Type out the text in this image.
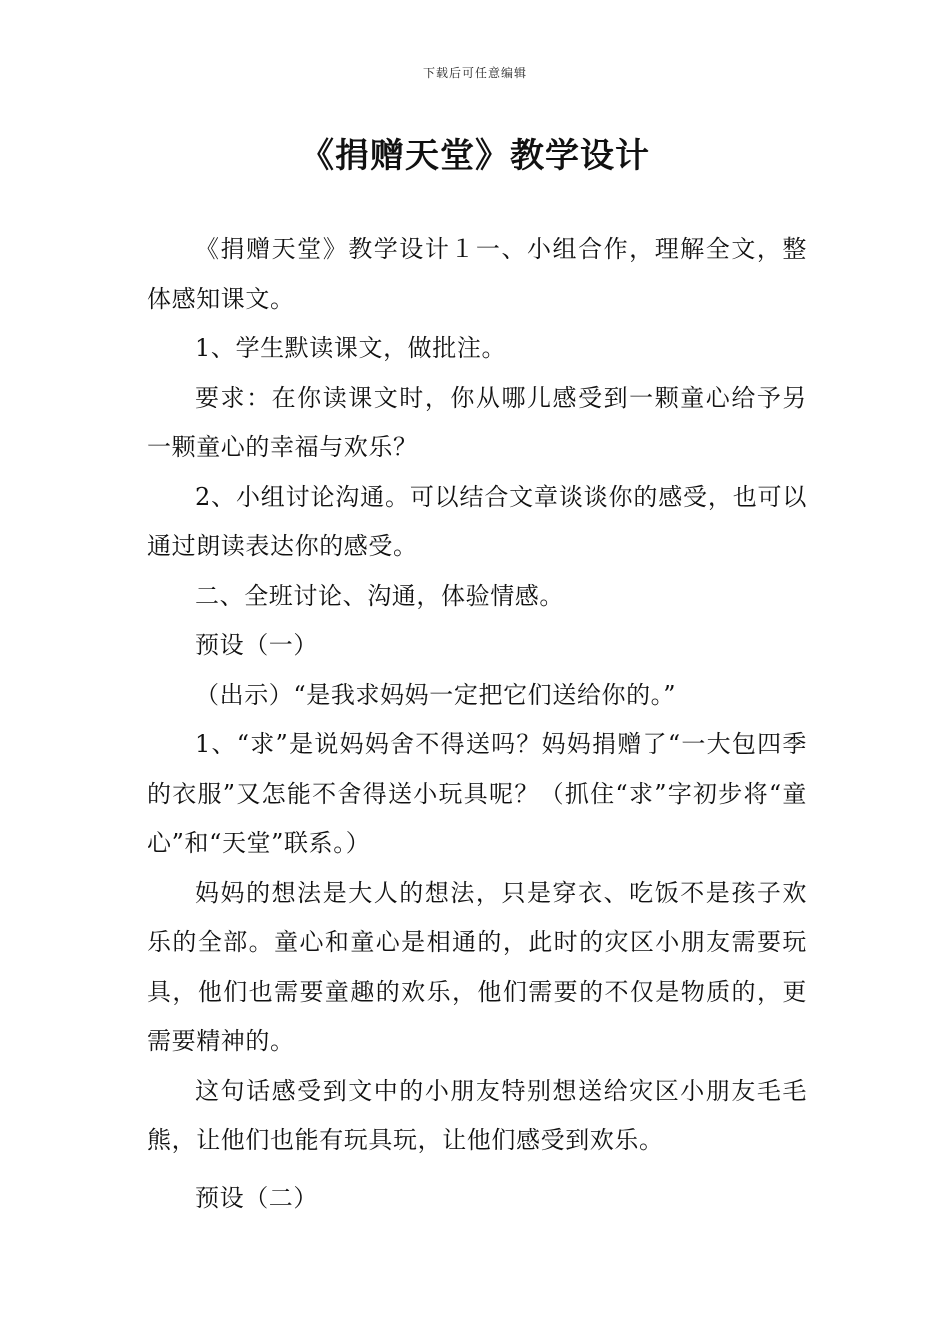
下载后可任意编辑
《捐赠天堂》教学设计

《捐赠天堂》教学设计１一、小组合作，理解全文，整体感知课文。

1、学生默读课文，做批注。

要求：在你读课文时，你从哪儿感受到一颗童心给予另一颗童心的幸福与欢乐？

2、小组讨论沟通。可以结合文章谈谈你的感受，也可以通过朗读表达你的感受。

二、全班讨论、沟通，体验情感。

预设（一）

（出示）“是我求妈妈一定把它们送给你的。”

1、“求”是说妈妈舍不得送吗？妈妈捐赠了“一大包四季的衣服”又怎能不舍得送小玩具呢？（抓住“求”字初步将“童心”和“天堂”联系。）

妈妈的想法是大人的想法，只是穿衣、吃饭不是孩子欢乐的全部。童心和童心是相通的，此时的灾区小朋友需要玩具，他们也需要童趣的欢乐，他们需要的不仅是物质的，更需要精神的。

这句话感受到文中的小朋友特别想送给灾区小朋友毛毛熊，让他们也能有玩具玩，让他们感受到欢乐。

预设（二）
